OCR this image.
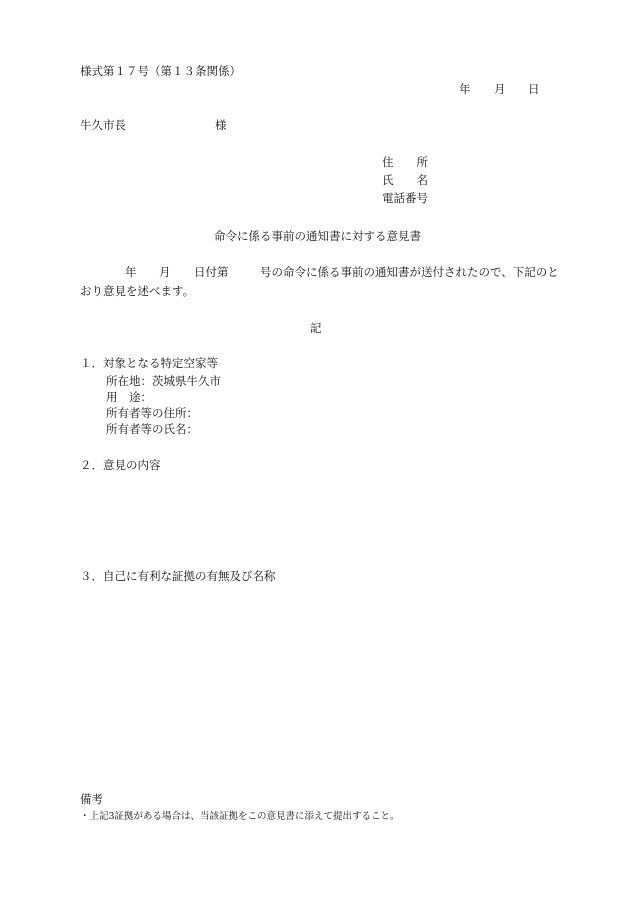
様式第１７号（第１３条関係）
年 月 日
牛久市長	様
住　　所
氏　　名
電話番号
命令に係る事前の通知書に対する意見書
年 月 日付第	号の命令に係る事前の通知書が送付されたので、下記のと
おり意見を述べます。
記
１．対象となる特定空家等
所在地：茨城県牛久市
用　途：
所有者等の住所：
所有者等の氏名：
２．意見の内容
３．自己に有利な証拠の有無及び名称
備考
・上記3証拠がある場合は、当該証拠をこの意見書に添えて提出すること。
